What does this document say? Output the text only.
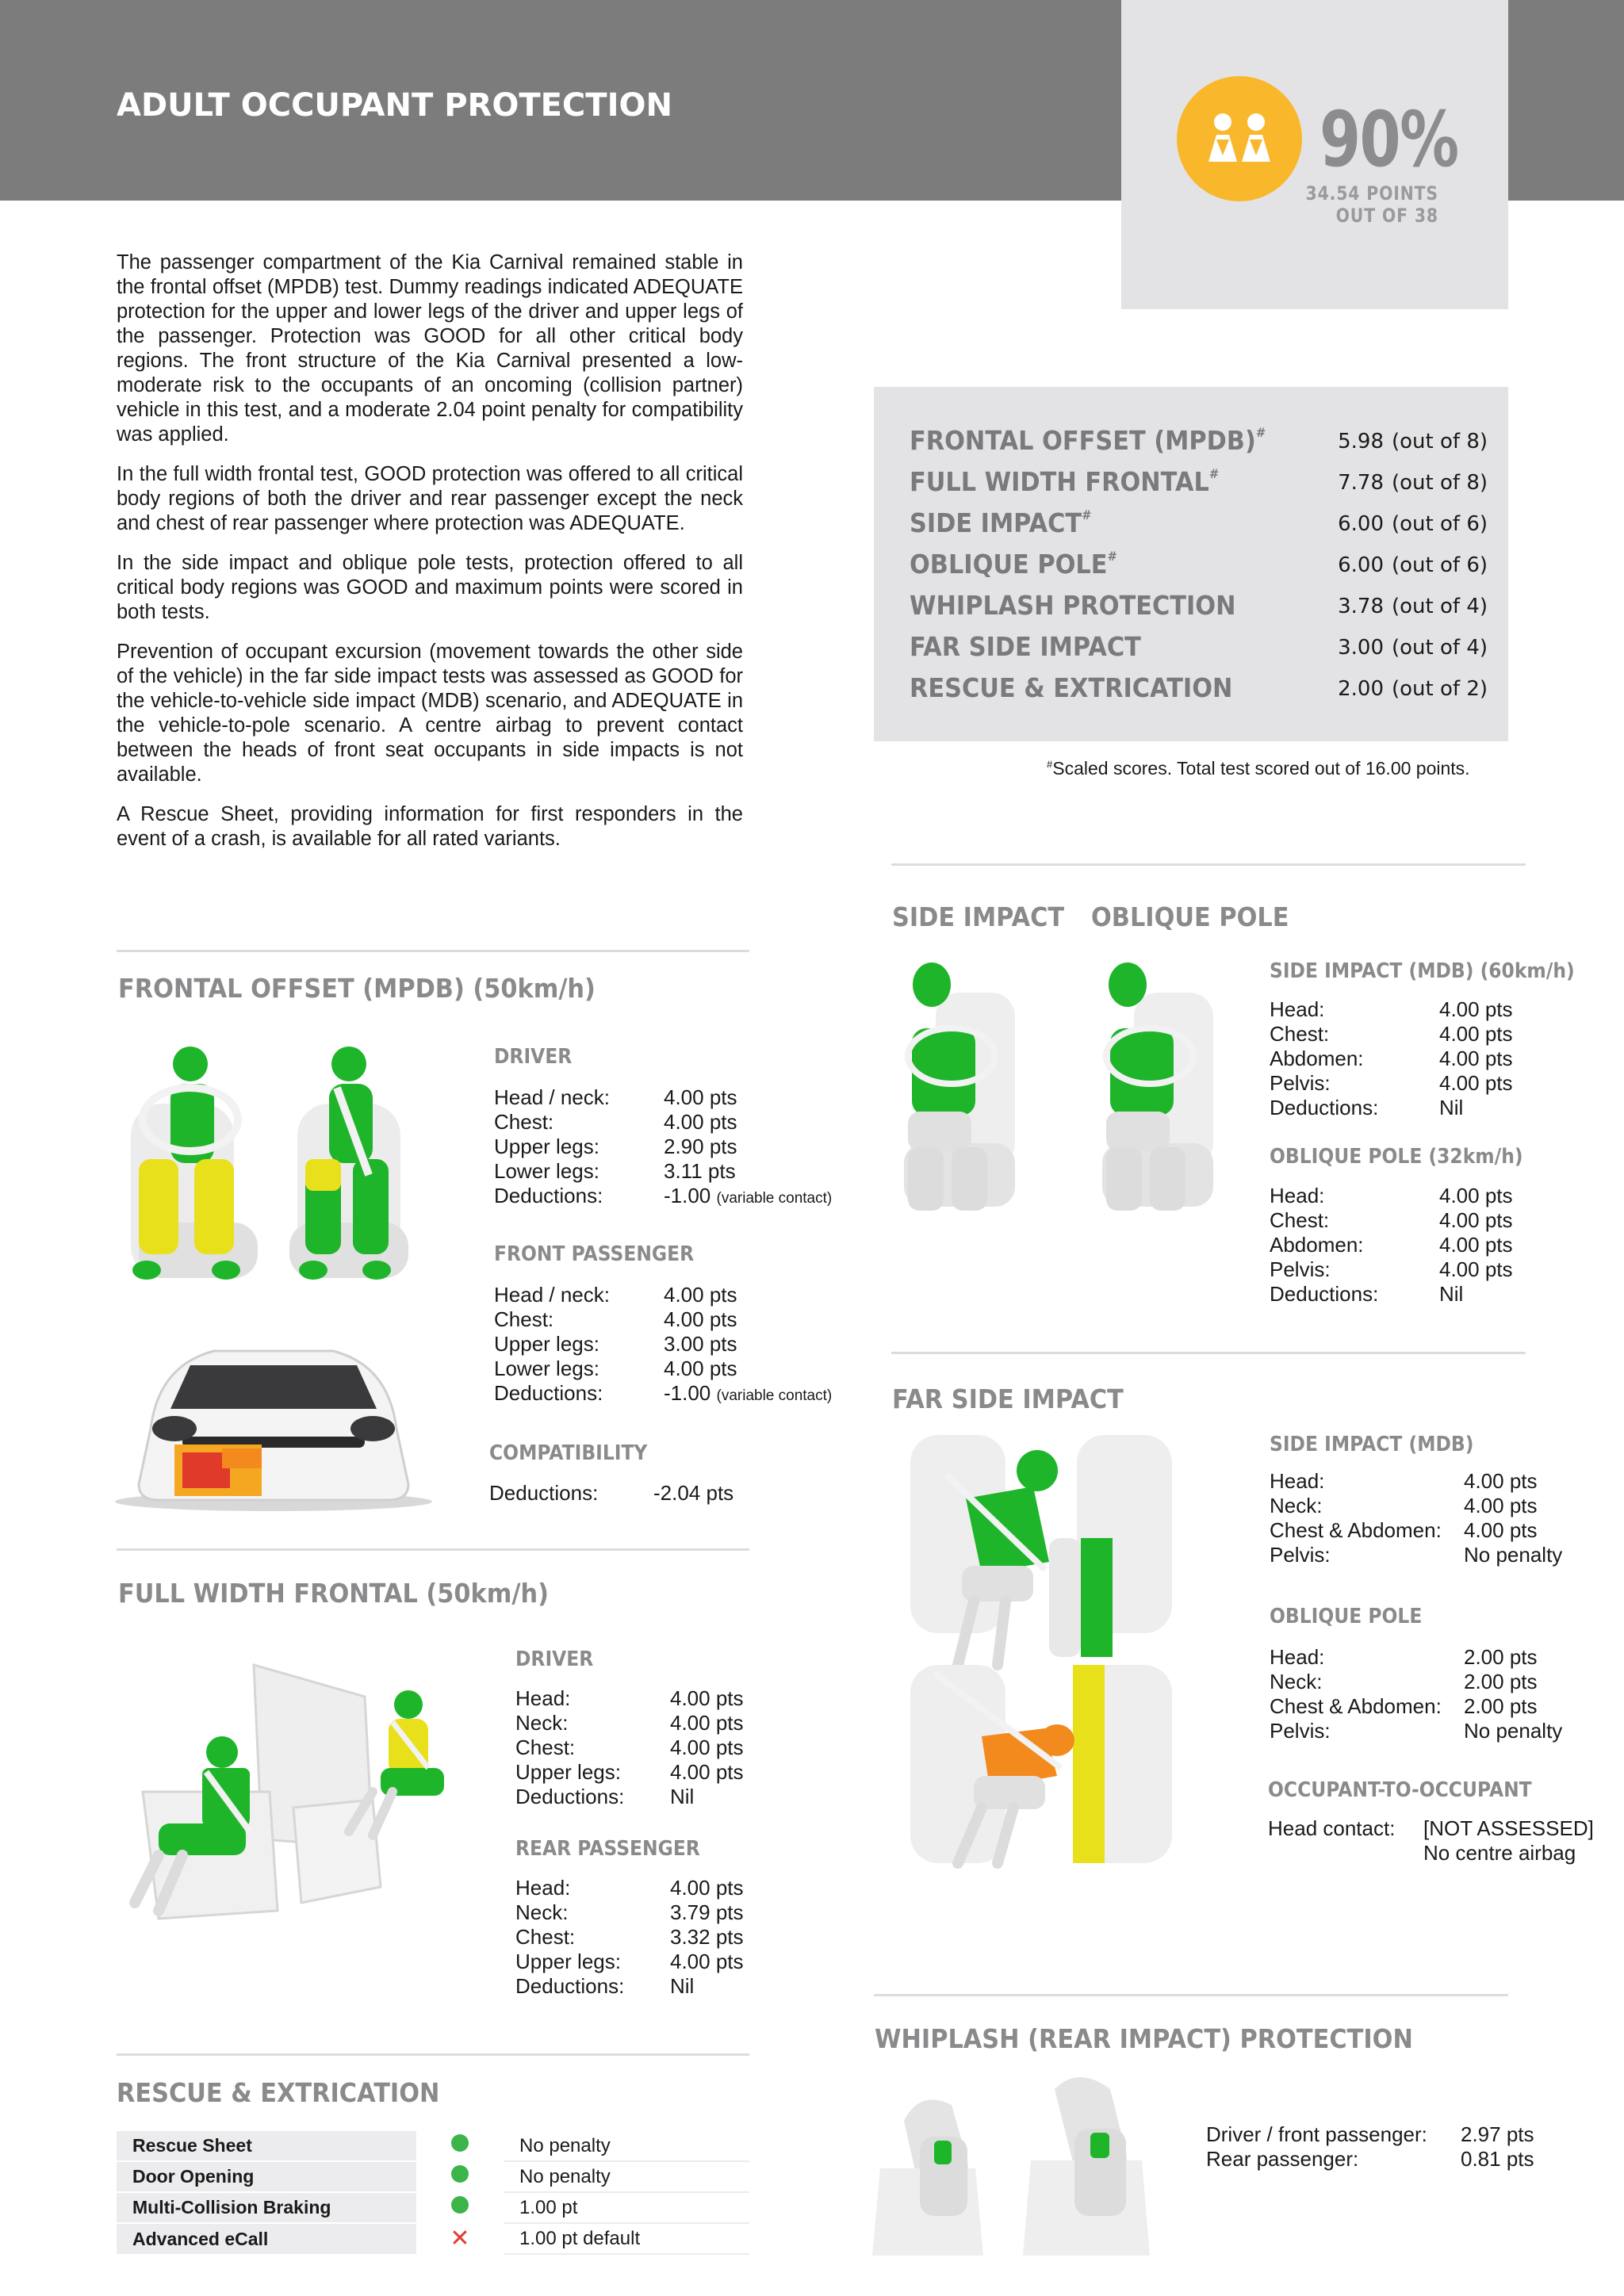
ADULT OCCUPANT PROTECTION	90%
34.54 POINTS
OUT OF 38

The passenger compartment of the Kia Carnival remained stable in the frontal offset (MPDB) test. Dummy readings indicated ADEQUATE protection for the upper and lower legs of the driver and upper legs of the passenger. Protection was GOOD for all other critical body regions. The front structure of the Kia Carnival presented a low-moderate risk to the occupants of an oncoming (collision partner) vehicle in this test, and a moderate 2.04 point penalty for compatibility was applied.

In the full width frontal test, GOOD protection was offered to all critical body regions of both the driver and rear passenger except the neck and chest of rear passenger where protection was ADEQUATE.

In the side impact and oblique pole tests, protection offered to all critical body regions was GOOD and maximum points were scored in both tests.

Prevention of occupant excursion (movement towards the other side of the vehicle) in the far side impact tests was assessed as GOOD for the vehicle-to-vehicle side impact (MDB) scenario, and ADEQUATE in the vehicle-to-pole scenario. A centre airbag to prevent contact between the heads of front seat occupants in side impacts is not available.

A Rescue Sheet, providing information for first responders in the event of a crash, is available for all rated variants.

FRONTAL OFFSET (MPDB)#	5.98 (out of 8)
FULL WIDTH FRONTAL#	7.78 (out of 8)
SIDE IMPACT#	6.00 (out of 6)
OBLIQUE POLE#	6.00 (out of 6)
WHIPLASH PROTECTION	3.78 (out of 4)
FAR SIDE IMPACT	3.00 (out of 4)
RESCUE & EXTRICATION	2.00 (out of 2)
#Scaled scores. Total test scored out of 16.00 points.
FRONTAL OFFSET (MPDB) (50km/h)
DRIVER
Head / neck:	4.00 pts
Chest:	4.00 pts
Upper legs:	2.90 pts
Lower legs:	3.11 pts
Deductions:	-1.00 (variable contact)
FRONT PASSENGER
Head / neck:	4.00 pts
Chest:	4.00 pts
Upper legs:	3.00 pts
Lower legs:	4.00 pts
Deductions:	-1.00 (variable contact)
COMPATIBILITY
Deductions:	-2.04 pts
FULL WIDTH FRONTAL (50km/h)
DRIVER
Head:	4.00 pts
Neck:	4.00 pts
Chest:	4.00 pts
Upper legs: 4.00 pts
Deductions: Nil
REAR PASSENGER
Head:	4.00 pts
Neck:	3.79 pts
Chest:	3.32 pts
Upper legs: 4.00 pts
Deductions: Nil
RESCUE & EXTRICATION
Rescue Sheet		No penalty
Door Opening		No penalty
Multi-Collision Braking		1.00 pt
Advanced eCall	✕	1.00 pt default
SIDE IMPACT OBLIQUE POLE
SIDE IMPACT (MDB) (60km/h)
Head:	4.00 pts
Chest:	4.00 pts
Abdomen:	4.00 pts
Pelvis:	4.00 pts
Deductions:	Nil
OBLIQUE POLE (32km/h)
Head:	4.00 pts
Chest:	4.00 pts
Abdomen:	4.00 pts
Pelvis:	4.00 pts
Deductions:	Nil
FAR SIDE IMPACT
SIDE IMPACT (MDB)
Head:	4.00 pts
Neck:	4.00 pts
Chest & Abdomen: 4.00 pts
Pelvis:	No penalty
OBLIQUE POLE
Head:	2.00 pts
Neck:	2.00 pts
Chest & Abdomen: 2.00 pts
Pelvis:	No penalty
OCCUPANT-TO-OCCUPANT
Head contact: [NOT ASSESSED]
No centre airbag
WHIPLASH (REAR IMPACT) PROTECTION
Driver / front passenger: 2.97 pts
Rear passenger:	0.81 pts
